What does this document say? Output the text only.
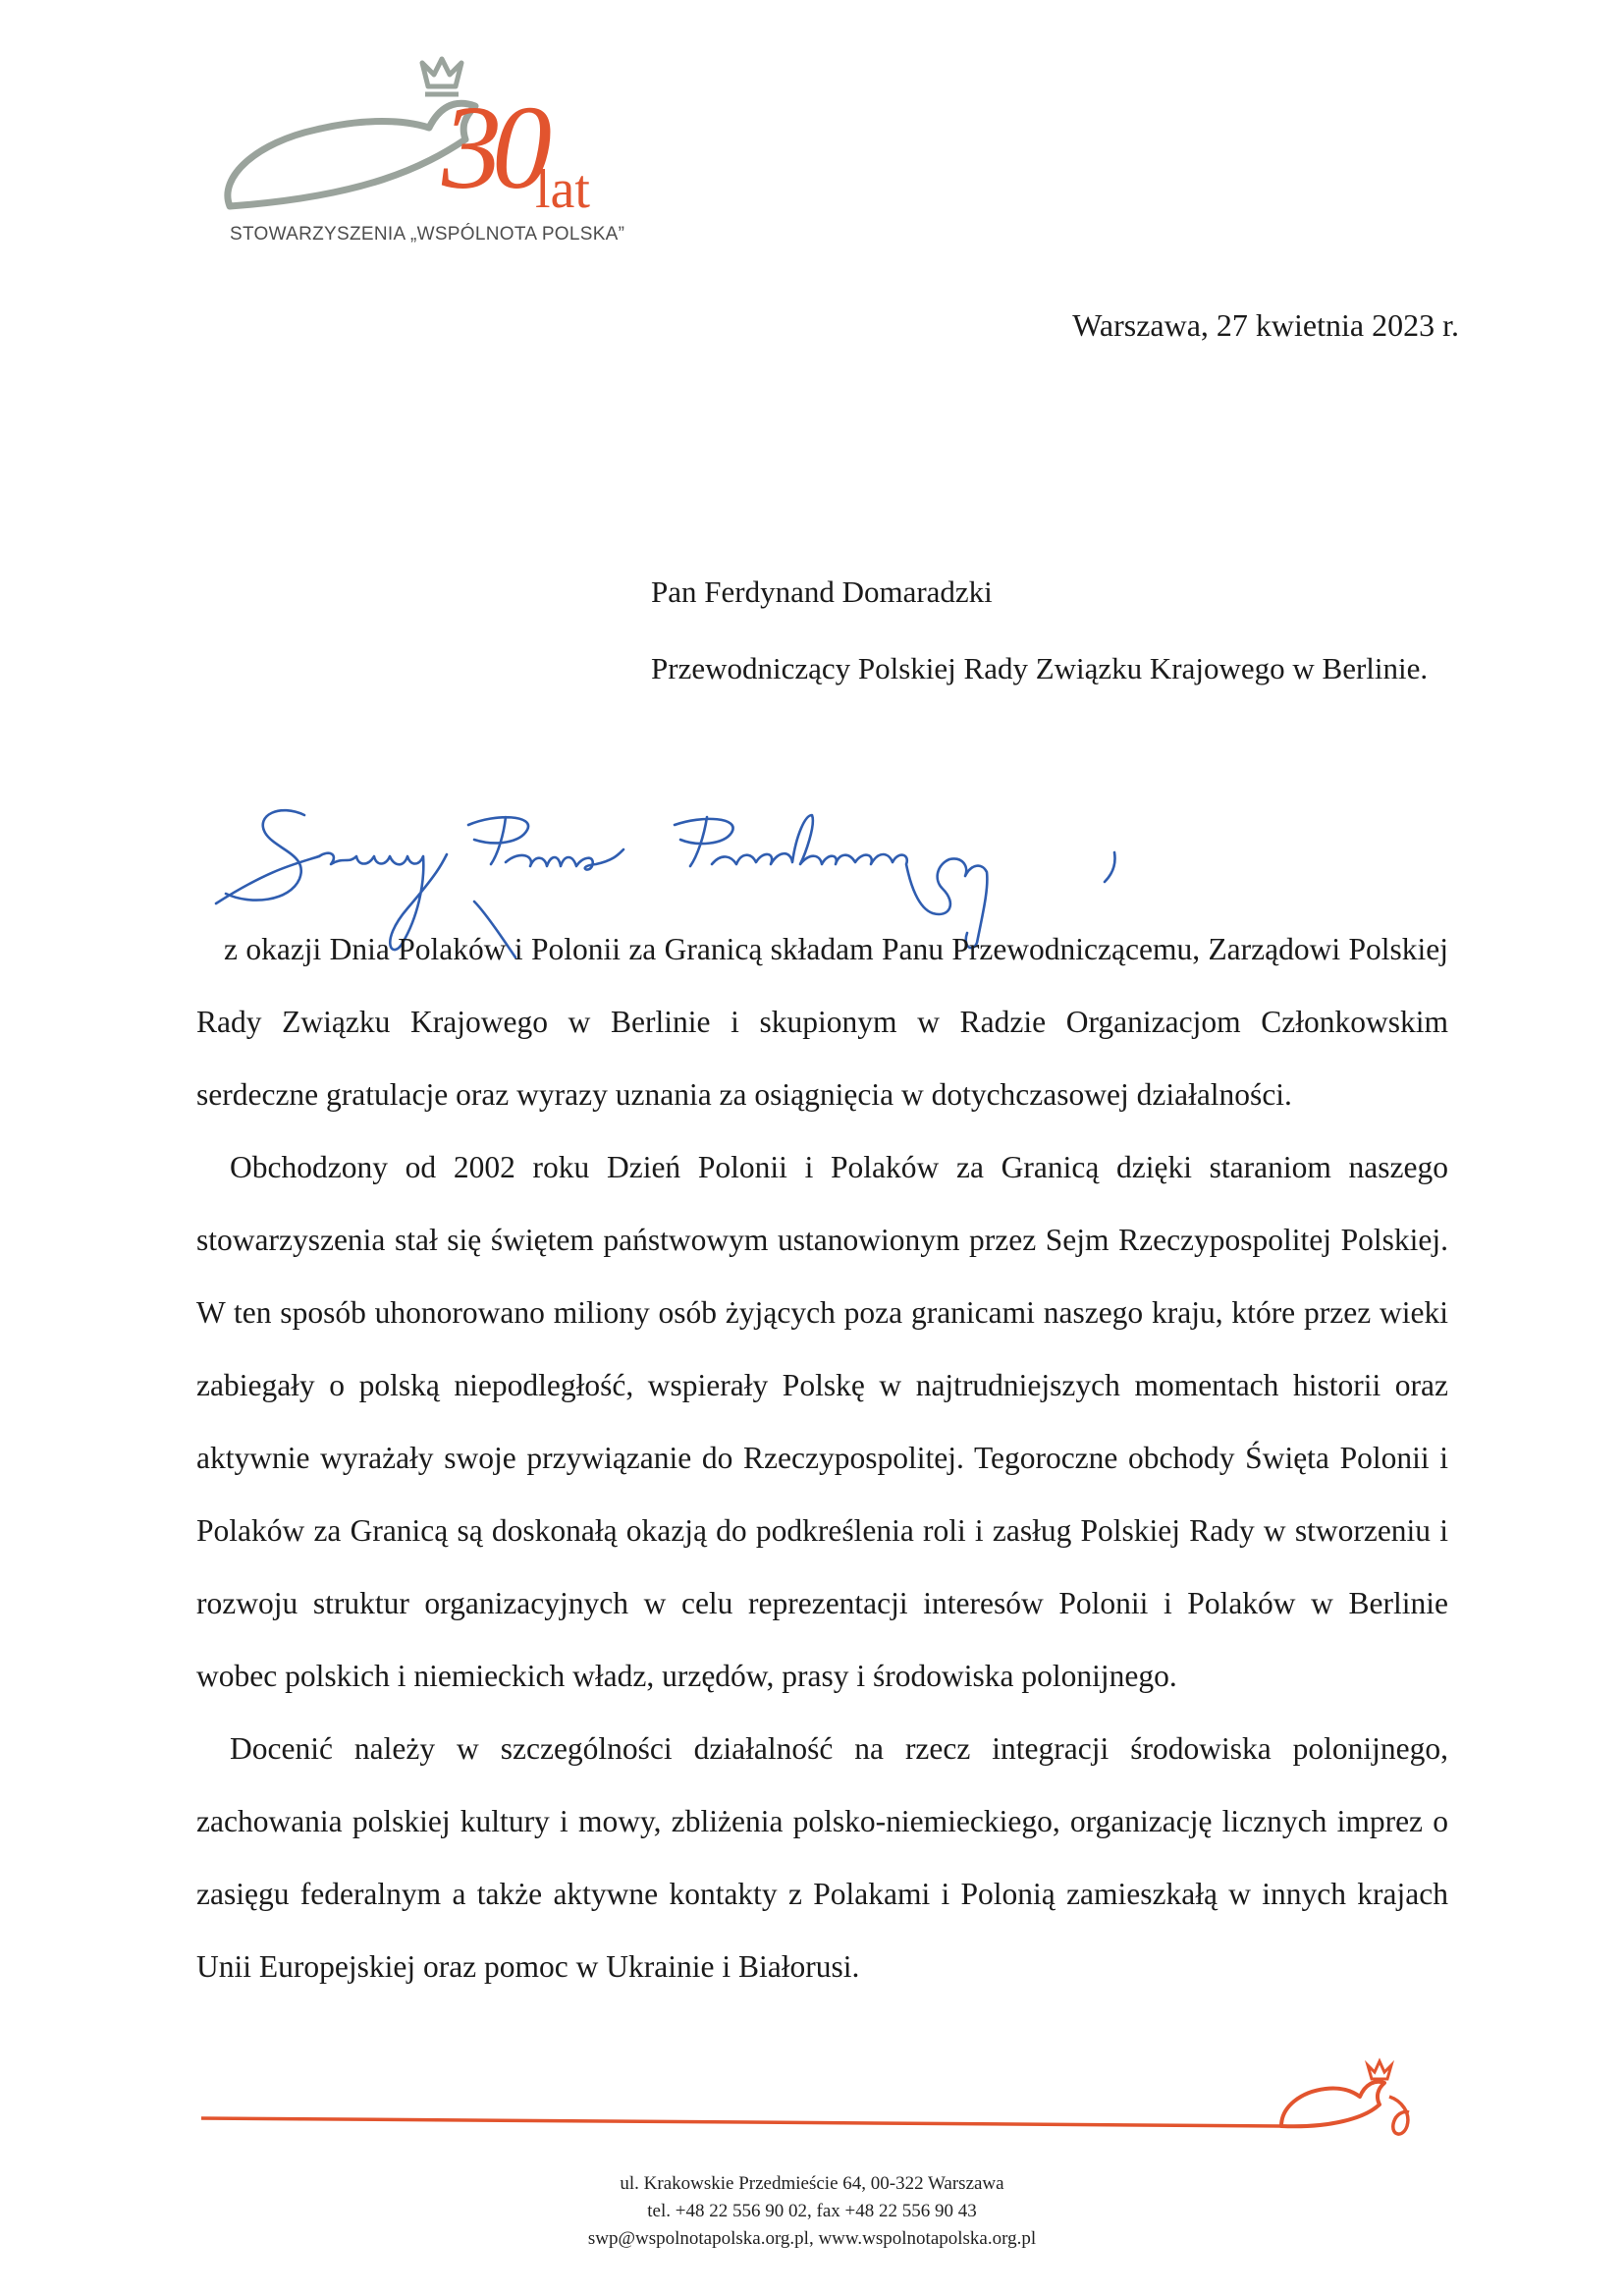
30
lat
STOWARZYSZENIA „WSPÓLNOTA POLSKA”
Warszawa, 27 kwietnia 2023 r.
Pan Ferdynand Domaradzki
Przewodniczący Polskiej Rady Związku Krajowego w Berlinie.

z okazji Dnia Polaków i Polonii za Granicą składam Panu Przewodniczącemu, Zarządowi Polskiej Rady Związku Krajowego w Berlinie i skupionym w Radzie Organizacjom Członkowskim serdeczne gratulacje oraz wyrazy uznania za osiągnięcia w dotychczasowej działalności.

Obchodzony od 2002 roku Dzień Polonii i Polaków za Granicą dzięki staraniom naszego stowarzyszenia stał się świętem państwowym ustanowionym przez Sejm Rzeczypospolitej Polskiej. W ten sposób uhonorowano miliony osób żyjących poza granicami naszego kraju, które przez wieki zabiegały o polską niepodległość, wspierały Polskę w najtrudniejszych momentach historii oraz aktywnie wyrażały swoje przywiązanie do Rzeczypospolitej. Tegoroczne obchody Święta Polonii i Polaków za Granicą są doskonałą okazją do podkreślenia roli i zasług Polskiej Rady w stworzeniu i rozwoju struktur organizacyjnych w celu reprezentacji interesów Polonii i Polaków w Berlinie wobec polskich i niemieckich władz, urzędów, prasy i środowiska polonijnego.

Docenić należy w szczególności działalność na rzecz integracji środowiska polonijnego, zachowania polskiej kultury i mowy, zbliżenia polsko-niemieckiego, organizację licznych imprez o zasięgu federalnym a także aktywne kontakty z Polakami i Polonią zamieszkałą w innych krajach Unii Europejskiej oraz pomoc w Ukrainie i Białorusi.

ul. Krakowskie Przedmieście 64, 00-322 Warszawa
tel. +48 22 556 90 02, fax +48 22 556 90 43
swp@wspolnotapolska.org.pl, www.wspolnotapolska.org.pl
